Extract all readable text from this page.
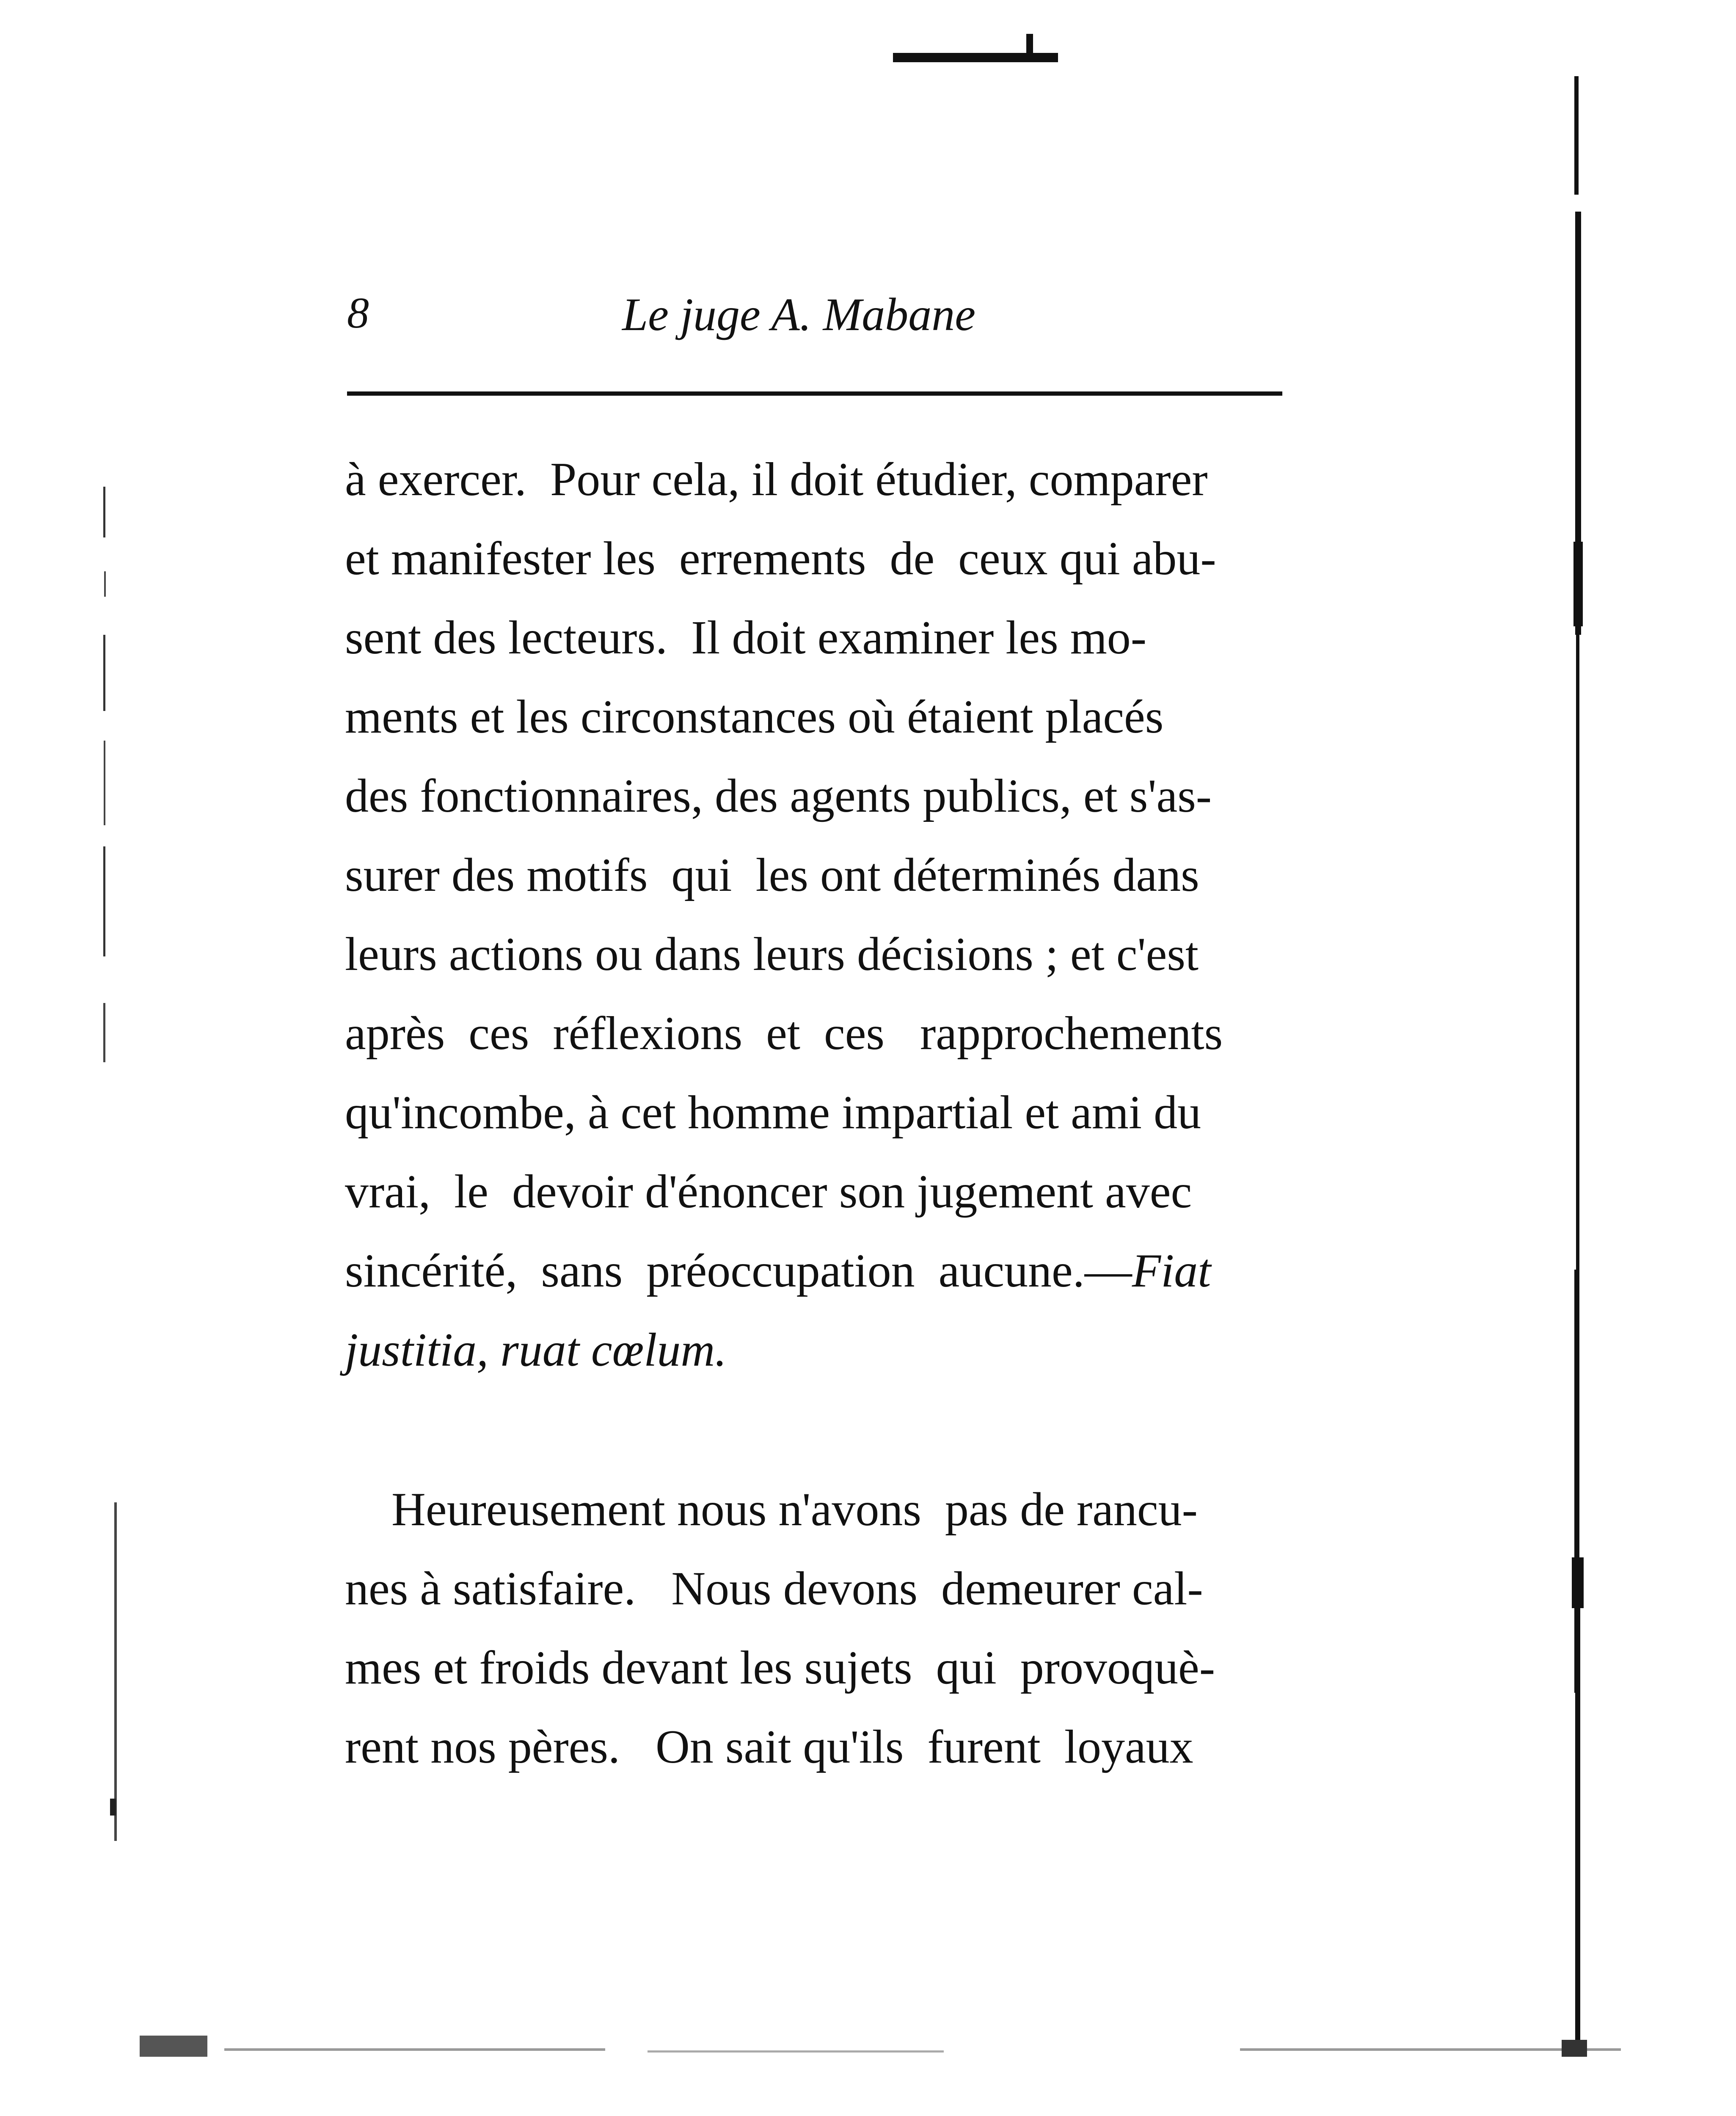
8	Le juge A. Mabane
à exercer.  Pour cela, il doit étudier, comparer
et manifester les  errements  de  ceux qui abu-
sent des lecteurs.  Il doit examiner les mo-
ments et les circonstances où étaient placés
des fonctionnaires, des agents publics, et s'as-
surer des motifs  qui  les ont déterminés dans
leurs actions ou dans leurs décisions ; et c'est
après  ces  réflexions  et  ces   rapprochements
qu'incombe, à cet homme impartial et ami du
vrai,  le  devoir d'énoncer son jugement avec
sincérité,  sans  préoccupation  aucune.— Fiat
justitia, ruat cœlum.
Heureusement nous n'avons  pas de rancu-
nes à satisfaire.   Nous devons  demeurer cal-
mes et froids devant les sujets  qui  provoquè-
rent nos pères.   On sait qu'ils  furent  loyaux
